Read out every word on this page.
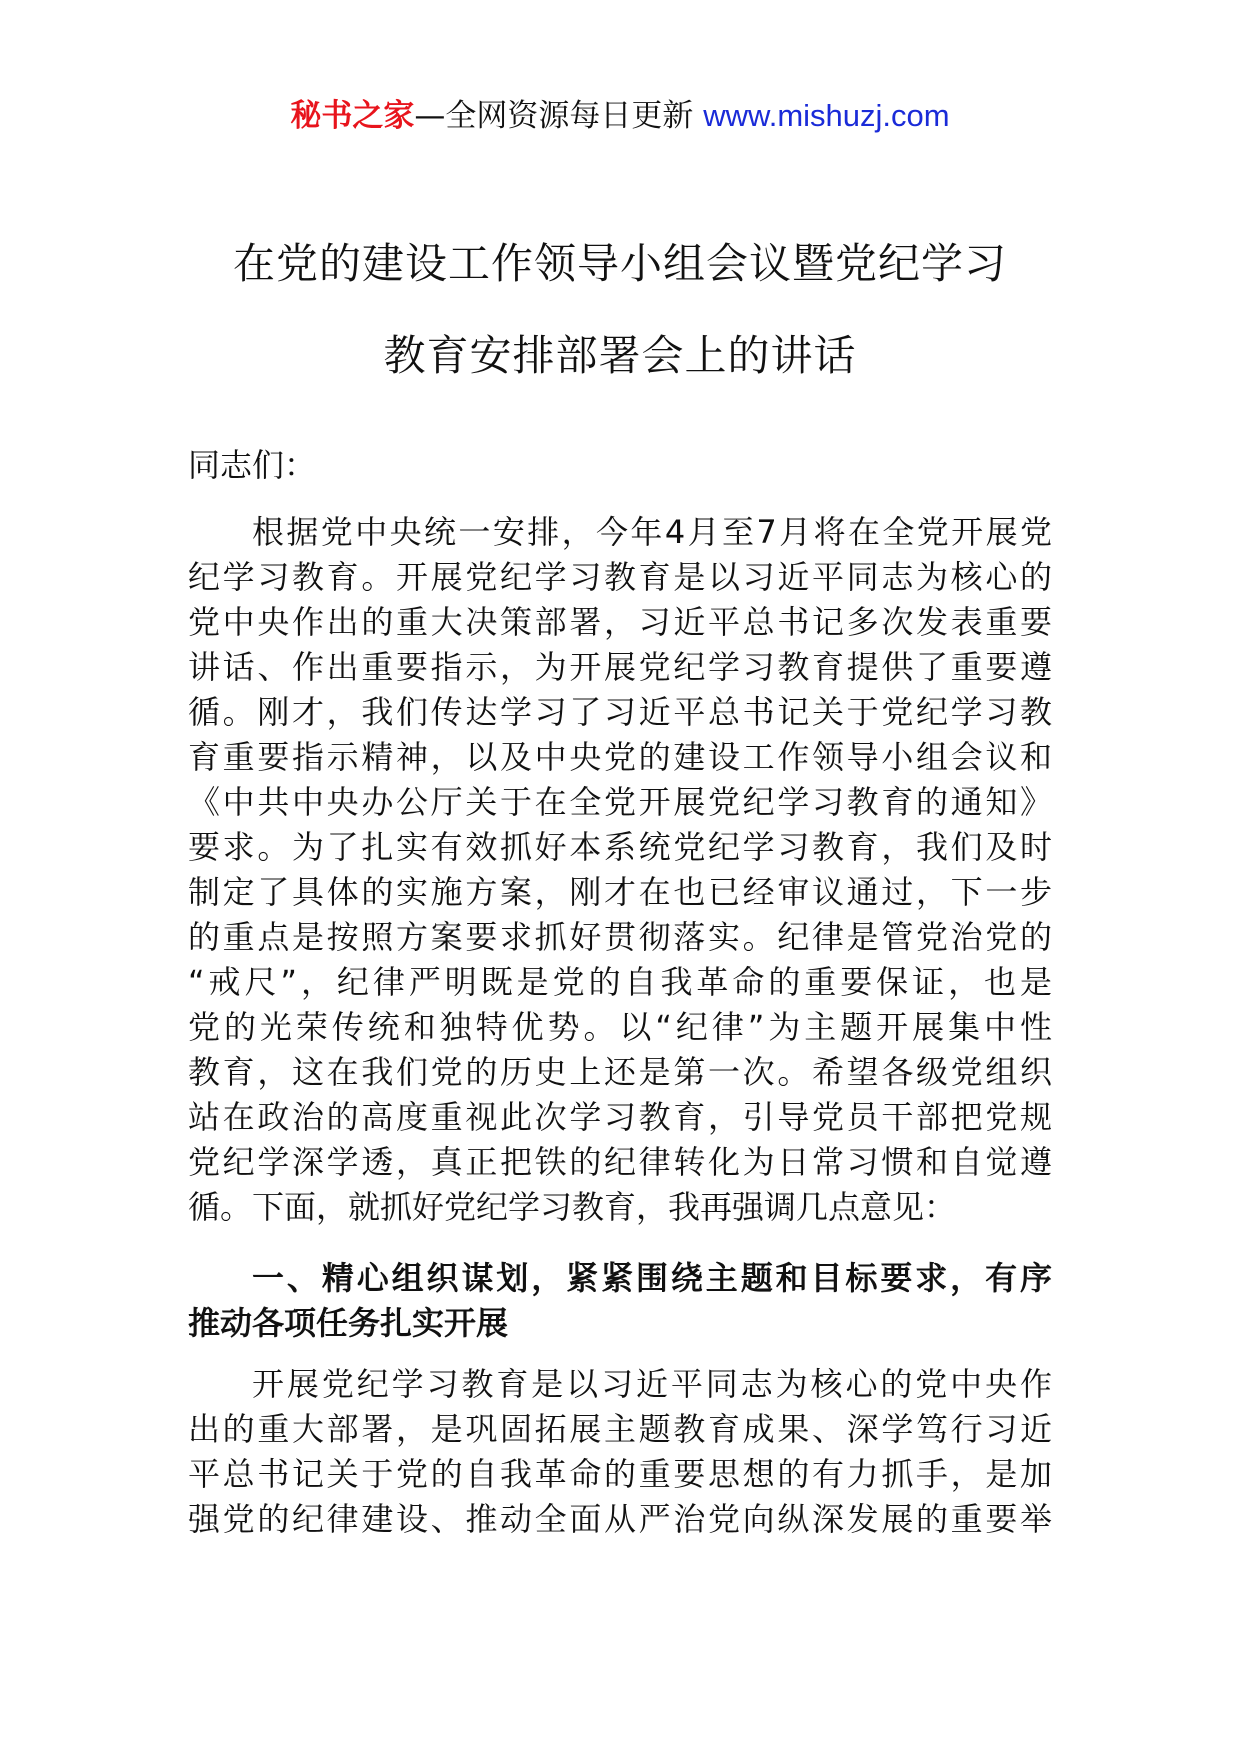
秘书之家—全网资源每日更新 www.mishuzj.com
在党的建设工作领导小组会议暨党纪学习
教育安排部署会上的讲话
同志们：
根据党中央统一安排，今年4月至7月将在全党开展党
纪学习教育。开展党纪学习教育是以习近平同志为核心的
党中央作出的重大决策部署，习近平总书记多次发表重要
讲话、作出重要指示，为开展党纪学习教育提供了重要遵
循。刚才，我们传达学习了习近平总书记关于党纪学习教
育重要指示精神，以及中央党的建设工作领导小组会议和
《中共中央办公厅关于在全党开展党纪学习教育的通知》
要求。为了扎实有效抓好本系统党纪学习教育，我们及时
制定了具体的实施方案，刚才在也已经审议通过，下一步
的重点是按照方案要求抓好贯彻落实。纪律是管党治党的
“戒尺”，纪律严明既是党的自我革命的重要保证，也是
党的光荣传统和独特优势。以“纪律”为主题开展集中性
教育，这在我们党的历史上还是第一次。希望各级党组织
站在政治的高度重视此次学习教育，引导党员干部把党规
党纪学深学透，真正把铁的纪律转化为日常习惯和自觉遵
循。下面，就抓好党纪学习教育，我再强调几点意见：
一、精心组织谋划，紧紧围绕主题和目标要求，有序
推动各项任务扎实开展
开展党纪学习教育是以习近平同志为核心的党中央作
出的重大部署，是巩固拓展主题教育成果、深学笃行习近
平总书记关于党的自我革命的重要思想的有力抓手，是加
强党的纪律建设、推动全面从严治党向纵深发展的重要举
